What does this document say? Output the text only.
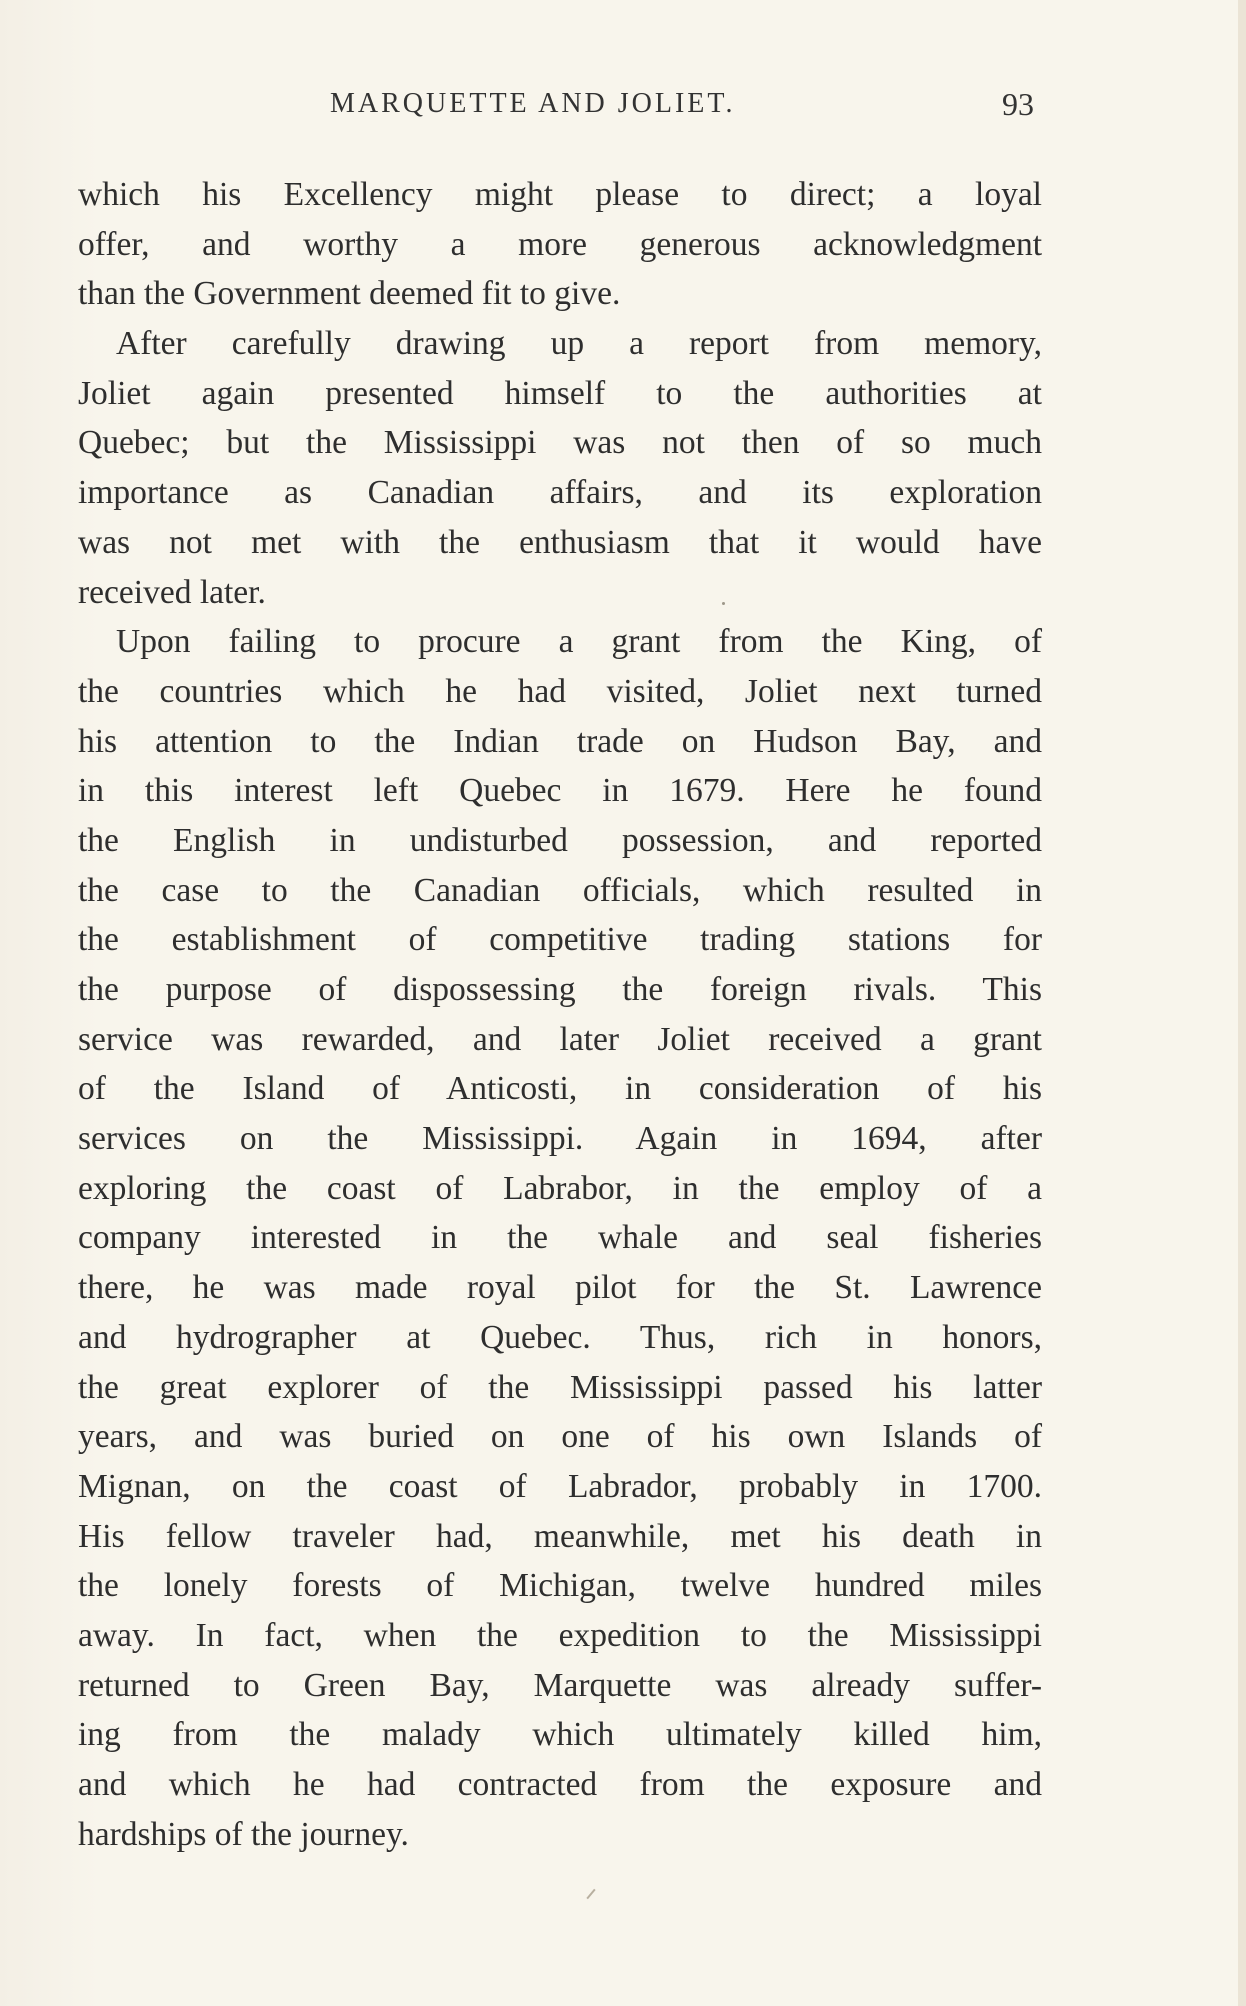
MARQUETTE AND JOLIET.	93
which his Excellency might please to direct; a loyal
offer, and worthy a more generous acknowledgment
than the Government deemed fit to give.
After carefully drawing up a report from memory,
Joliet again presented himself to the authorities at
Quebec; but the Mississippi was not then of so much
importance as Canadian affairs, and its exploration
was not met with the enthusiasm that it would have
received later.
Upon failing to procure a grant from the King, of
the countries which he had visited, Joliet next turned
his attention to the Indian trade on Hudson Bay, and
in this interest left Quebec in 1679. Here he found
the English in undisturbed possession, and reported
the case to the Canadian officials, which resulted in
the establishment of competitive trading stations for
the purpose of dispossessing the foreign rivals. This
service was rewarded, and later Joliet received a grant
of the Island of Anticosti, in consideration of his
services on the Mississippi. Again in 1694, after
exploring the coast of Labrabor, in the employ of a
company interested in the whale and seal fisheries
there, he was made royal pilot for the St. Lawrence
and hydrographer at Quebec. Thus, rich in honors,
the great explorer of the Mississippi passed his latter
years, and was buried on one of his own Islands of
Mignan, on the coast of Labrador, probably in 1700.
His fellow traveler had, meanwhile, met his death in
the lonely forests of Michigan, twelve hundred miles
away. In fact, when the expedition to the Mississippi
returned to Green Bay, Marquette was already suffer-
ing from the malady which ultimately killed him,
and which he had contracted from the exposure and
hardships of the journey.
